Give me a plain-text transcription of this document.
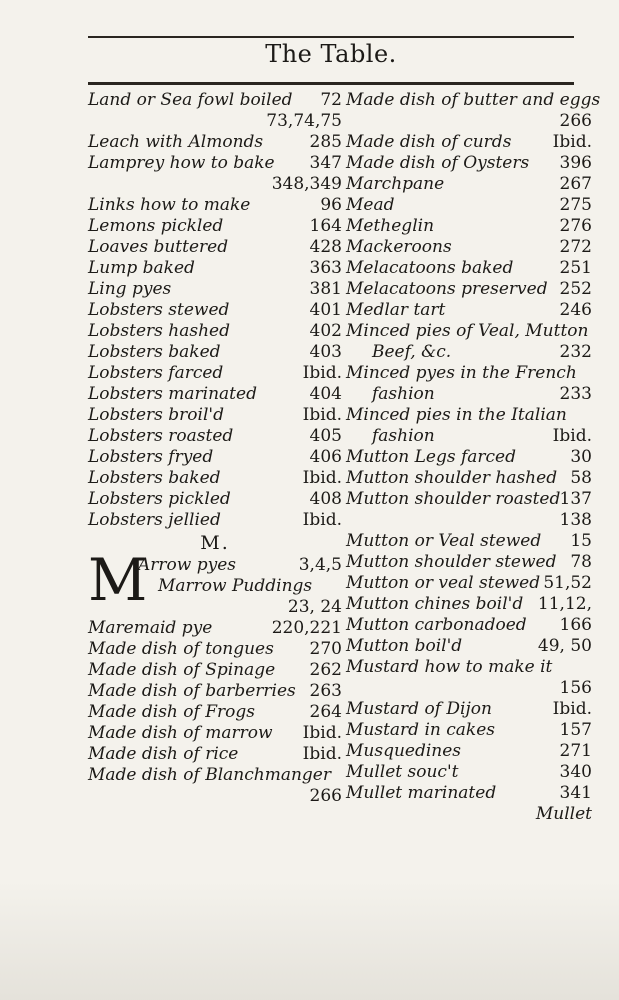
The Table.
Land or Sea fowl boiled 72
73,74,75
Leach with Almonds	285
Lamprey how to bake 347
348,349
Links how to make	96
Lemons pickled	164
Loaves buttered	428
Lump baked	363
Ling pyes	381
Lobsters stewed	401
Lobsters hashed	402
Lobsters baked	403
Lobsters farced	Ibid.
Lobsters marinated	404
Lobsters broil'd	Ibid.
Lobsters roasted	405
Lobsters fryed	406
Lobsters baked	Ibid.
Lobsters pickled	408
Lobsters jellied	Ibid.
M.
M
Arrow pyes	3,4,5
Marrow Puddings
23, 24
Maremaid pye	220,221
Made dish of tongues 270
Made dish of Spinage 262
Made dish of barberries 263
Made dish of Frogs	264
Made dish of marrow Ibid.
Made dish of rice	Ibid.
Made dish of Blanchmanger
266
Made dish of butter and eggs
266
Made dish of curds Ibid.
Made dish of Oysters 396
Marchpane	267
Mead	275
Metheglin	276
Mackeroons	272
Melacatoons baked	251
Melacatoons preserved 252
Medlar tart	246
Minced pies of Veal, Mutton
Beef, &c.	232
Minced pyes in the French
fashion	233
Minced pies in the Italian
fashion	Ibid.
Mutton Legs farced	30
Mutton shoulder hashed 58
Mutton shoulder roasted 137
138
Mutton or Veal stewed 15
Mutton shoulder stewed 78
Mutton or veal stewed 51,52
Mutton chines boil'd 11,12,
Mutton carbonadoed 166
Mutton boil'd	49, 50
Mustard how to make it
156
Mustard of Dijon	Ibid.
Mustard in cakes	157
Musquedines	271
Mullet souc't	340
Mullet marinated	341
Mullet
